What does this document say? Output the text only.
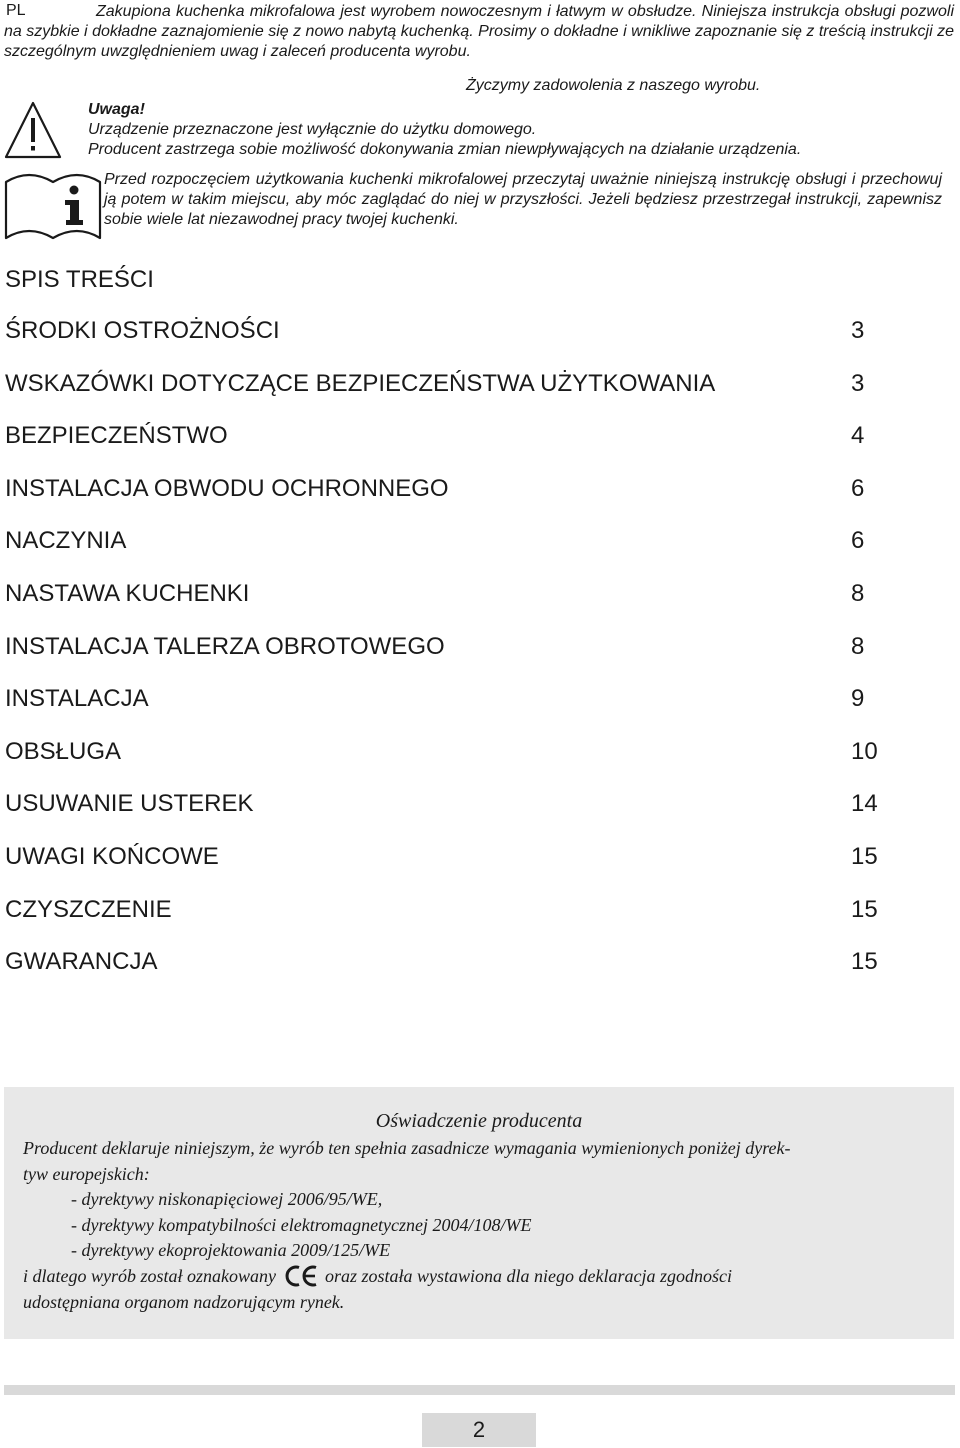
PL	Zakupiona kuchenka mikrofalowa jest wyrobem nowoczesnym i łatwym w obsłudze. Niniejsza instrukcja obsługi pozwoli na szybkie i dokładne zaznajomienie się z nowo nabytą kuchenką. Prosimy o dokładne i wnikliwe zapoznanie się z treścią instrukcji ze szczególnym uwzględnieniem uwag i zaleceń producenta wyrobu.

Życzymy zadowolenia z naszego wyrobu.
Uwaga!
Urządzenie przeznaczone jest wyłącznie do użytku domowego.
Producent zastrzega sobie możliwość dokonywania zmian niewpływających na działanie urządzenia.

Przed rozpoczęciem użytkowania kuchenki mikrofalowej przeczytaj uważnie niniejszą instrukcję obsługi i przechowuj ją potem w takim miejscu, aby móc zaglądać do niej w przyszłości. Jeżeli będziesz przestrzegał instrukcji, zapewnisz sobie wiele lat niezawodnej pracy twojej kuchenki.

SPIS TREŚCI
ŚRODKI OSTROŻNOŚCI	3
WSKAZÓWKI DOTYCZĄCE BEZPIECZEŃSTWA UŻYTKOWANIA	3
BEZPIECZEŃSTWO	4
INSTALACJA OBWODU OCHRONNEGO	6
NACZYNIA	6
NASTAWA KUCHENKI	8
INSTALACJA TALERZA OBROTOWEGO	8
INSTALACJA	9
OBSŁUGA	10
USUWANIE USTEREK	14
UWAGI KOŃCOWE	15
CZYSZCZENIE	15
GWARANCJA	15
Oświadczenie producenta
Producent deklaruje niniejszym, że wyrób ten spełnia zasadnicze wymagania wymienionych poniżej dyrek-
tyw europejskich:
- dyrektywy niskonapięciowej 2006/95/WE,
- dyrektywy kompatybilności elektromagnetycznej 2004/108/WE
- dyrektywy ekoprojektowania 2009/125/WE
i dlatego wyrób został oznakowany	oraz została wystawiona dla niego deklaracja zgodności
udostępniana organom nadzorującym rynek.
2
